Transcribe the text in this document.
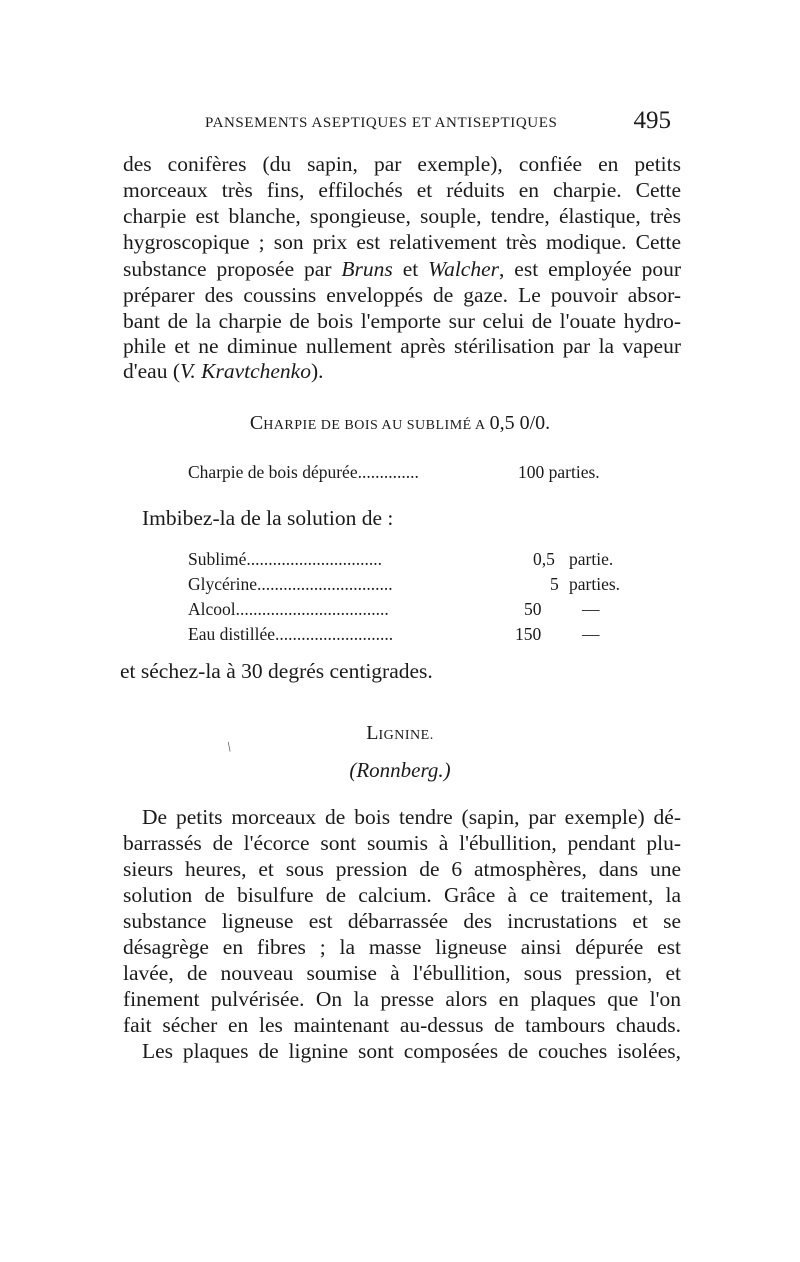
PANSEMENTS ASEPTIQUES ET ANTISEPTIQUES	495
des conifères (du sapin, par exemple), confiée en petits
morceaux très fins, effilochés et réduits en charpie. Cette
charpie est blanche, spongieuse, souple, tendre, élastique, très
hygroscopique ; son prix est relativement très modique. Cette
substance proposée par Bruns et Walcher, est employée pour
préparer des coussins enveloppés de gaze. Le pouvoir absor-
bant de la charpie de bois l'emporte sur celui de l'ouate hydro-
phile et ne diminue nullement après stérilisation par la vapeur
d'eau (V. Kravtchenko).
CHARPIE DE BOIS AU SUBLIMÉ A 0,5 0/0.
Charpie de bois dépurée..............	100 parties.
Imbibez-la de la solution de :
Sublimé...............................	0,5 partie.
Glycérine...............................	5 parties.
Alcool...................................	50 —
Eau distillée...........................	150 —
et séchez-la à 30 degrés centigrades.
LIGNINE.
(Ronnberg.)
De petits morceaux de bois tendre (sapin, par exemple) dé-
barrassés de l'écorce sont soumis à l'ébullition, pendant plu-
sieurs heures, et sous pression de 6 atmosphères, dans une
solution de bisulfure de calcium. Grâce à ce traitement, la
substance ligneuse est débarrassée des incrustations et se
désagrège en fibres ; la masse ligneuse ainsi dépurée est
lavée, de nouveau soumise à l'ébullition, sous pression, et
finement pulvérisée. On la presse alors en plaques que l'on
fait sécher en les maintenant au-dessus de tambours chauds.
Les plaques de lignine sont composées de couches isolées,
/
